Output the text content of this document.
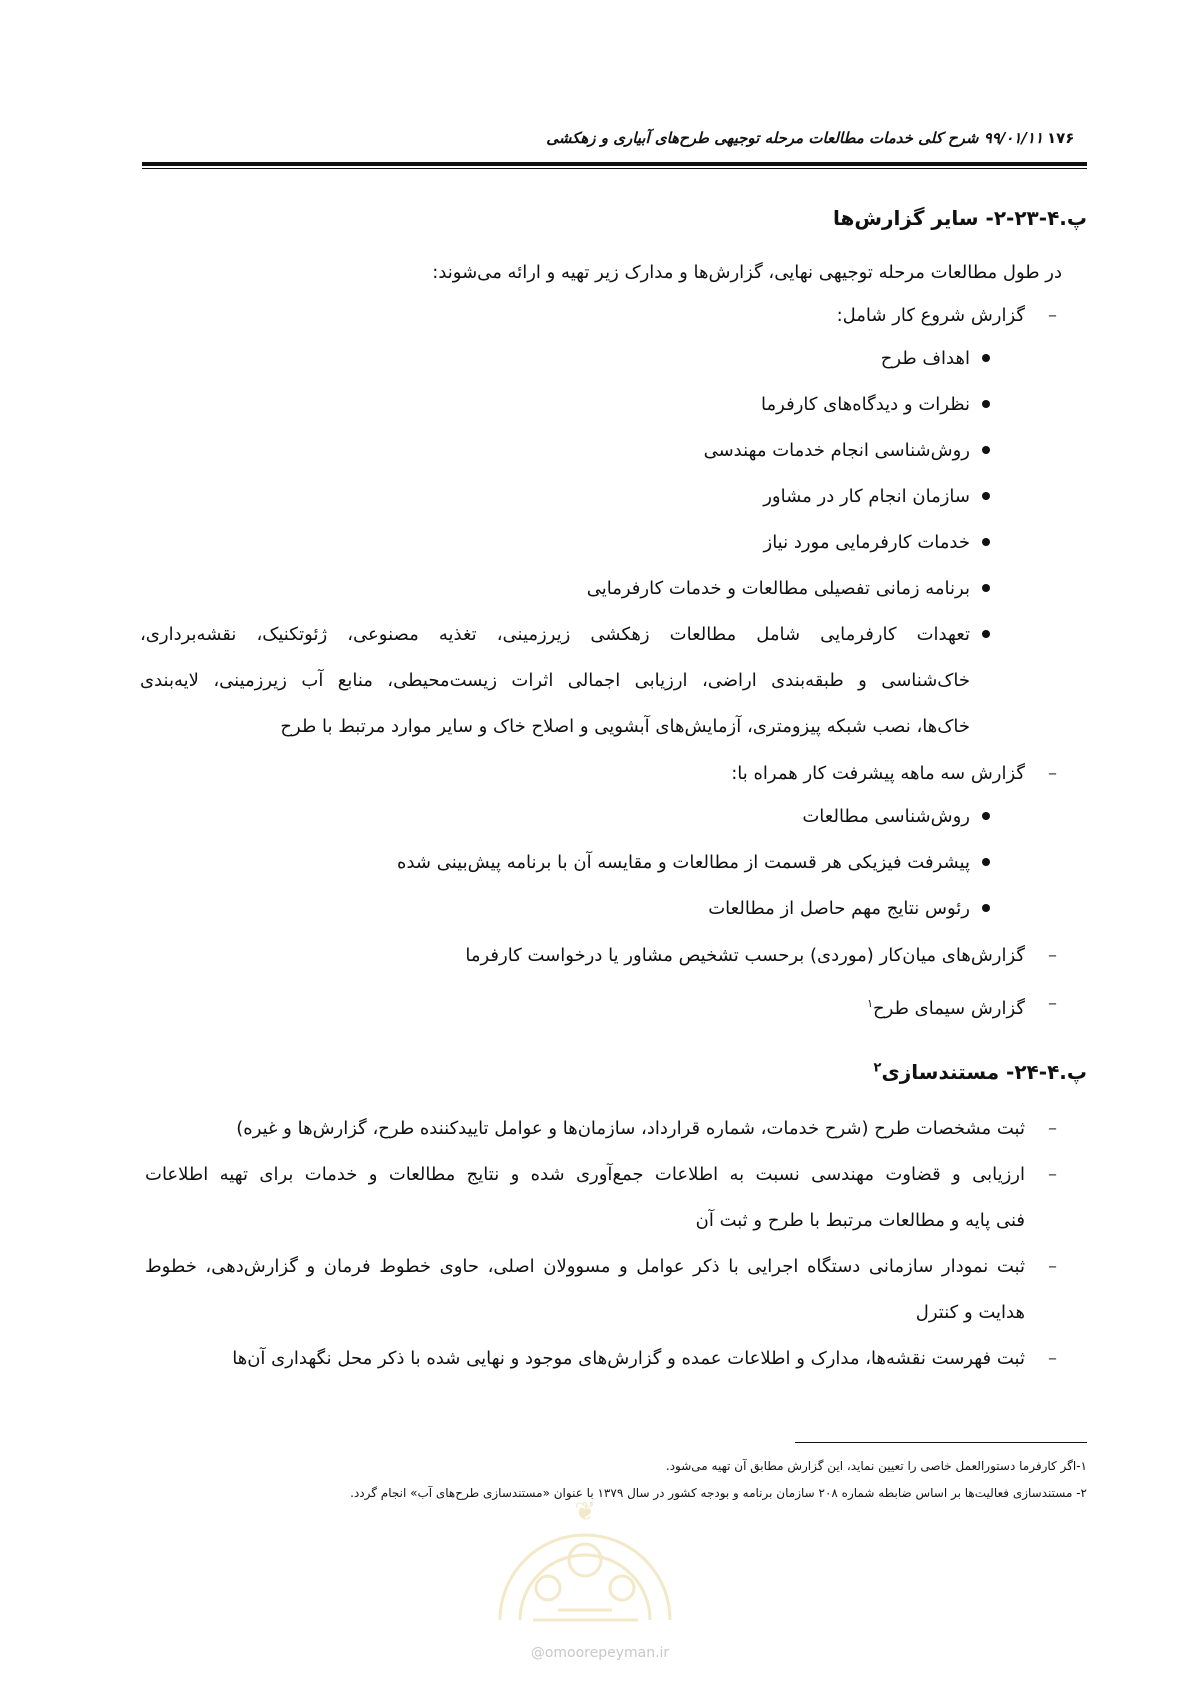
۱۷۶
۹۹/۰۱/۱۱ شرح کلی خدمات مطالعات مرحله توجیهی طرح‌های آبیاری و زهکشی
پ.۴-۲۳-۲- سایر گزارش‌ها
در طول مطالعات مرحله توجیهی نهایی، گزارش‌ها و مدارک زیر تهیه و ارائه می‌شوند:
–
گزارش شروع کار شامل:
اهداف طرح
نظرات و دیدگاه‌های کارفرما
روش‌شناسی انجام خدمات مهندسی
سازمان انجام کار در مشاور
خدمات کارفرمایی مورد نیاز
برنامه زمانی تفصیلی مطالعات و خدمات کارفرمایی
تعهدات کارفرمایی شامل مطالعات زهکشی زیرزمینی، تغذیه مصنوعی، ژئوتکنیک، نقشه‌برداری،
خاک‌شناسی و طبقه‌بندی اراضی، ارزیابی اجمالی اثرات زیست‌محیطی، منابع آب زیرزمینی، لایه‌بندی
خاک‌ها، نصب شبکه پیزومتری، آزمایش‌های آبشویی و اصلاح خاک و سایر موارد مرتبط با طرح
–
گزارش سه ماهه پیشرفت کار همراه با:
روش‌شناسی مطالعات
پیشرفت فیزیکی هر قسمت از مطالعات و مقایسه آن با برنامه پیش‌بینی شده
رئوس نتایج مهم حاصل از مطالعات
–
گزارش‌های میان‌کار (موردی) برحسب تشخیص مشاور یا درخواست کارفرما
–
گزارش سیمای طرح$^۱$
پ.۴-۲۴- مستندسازی$^۲$
–
ثبت مشخصات طرح (شرح خدمات، شماره قرارداد، سازمان‌ها و عوامل تاییدکننده طرح، گزارش‌ها و غیره)
–
ارزیابی و قضاوت مهندسی نسبت به اطلاعات جمع‌آوری شده و نتایج مطالعات و خدمات برای تهیه اطلاعات
فنی پایه و مطالعات مرتبط با طرح و ثبت آن
–
ثبت نمودار سازمانی دستگاه اجرایی با ذکر عوامل و مسوولان اصلی، حاوی خطوط فرمان و گزارش‌دهی، خطوط
هدایت و کنترل
–
ثبت فهرست نقشه‌ها، مدارک و اطلاعات عمده و گزارش‌های موجود و نهایی شده با ذکر محل نگهداری آن‌ها
۱-اگر کارفرما دستورالعمل خاصی را تعیین نماید، این گزارش مطابق آن تهیه می‌شود.
۲- مستندسازی فعالیت‌ها بر اساس ضابطه شماره ۲۰۸ سازمان برنامه و بودجه کشور در سال ۱۳۷۹ با عنوان «مستندسازی طرح‌های آب» انجام گردد.
❦
@omoorepeyman.ir
